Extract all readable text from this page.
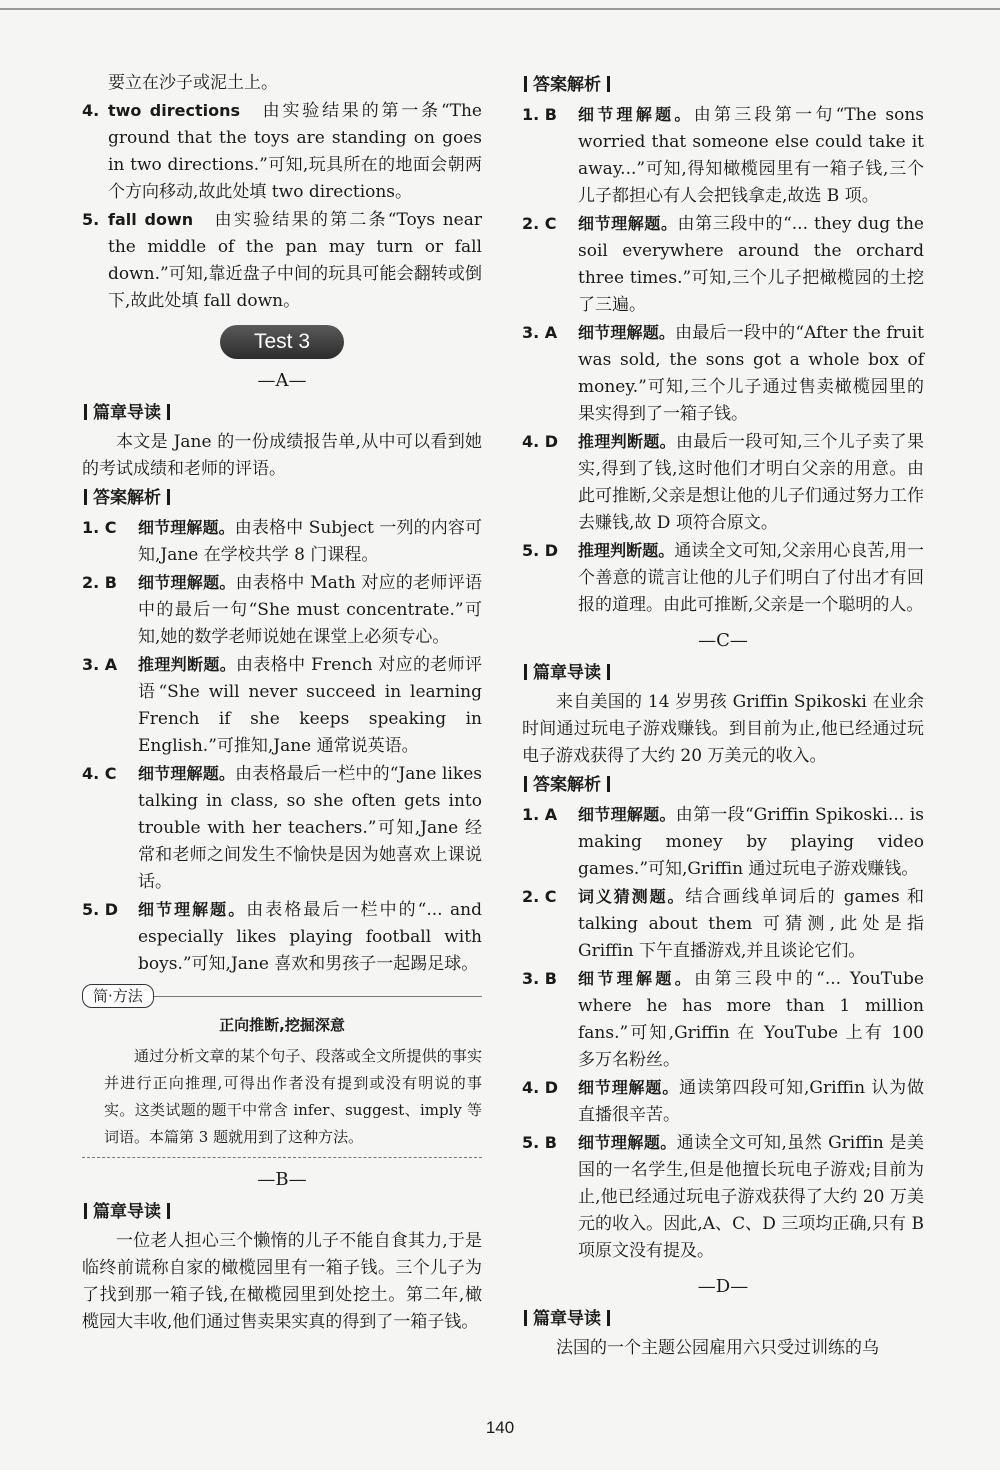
要立在沙子或泥土上。
4. two directions　 由实验结果的第一条“The ground that the toys are standing on goes in two directions.”可知,玩具所在的地面会朝两个方向移动,故此处填 two directions。
5. fall down　 由实验结果的第二条“Toys near the middle of the pan may turn or fall down.”可知,靠近盘子中间的玩具可能会翻转或倒下,故此处填 fall down。
Test 3
—A—
篇章导读

本文是 Jane 的一份成绩报告单,从中可以看到她的考试成绩和老师的评语。

答案解析
1. C	细节理解题。由表格中 Subject 一列的内容可知,Jane 在学校共学 8 门课程。
2. B	细节理解题。由表格中 Math 对应的老师评语中的最后一句“She must concentrate.”可知,她的数学老师说她在课堂上必须专心。
3. A	推理判断题。由表格中 French 对应的老师评语“She will never succeed in learning French if she keeps speaking in English.”可推知,Jane 通常说英语。
4. C	细节理解题。由表格最后一栏中的“Jane likes talking in class, so she often gets into trouble with her teachers.”可知,Jane 经常和老师之间发生不愉快是因为她喜欢上课说话。
5. D	细节理解题。由表格最后一栏中的“... and especially likes playing football with boys.”可知,Jane 喜欢和男孩子一起踢足球。
简·方法
正向推断,挖掘深意

通过分析文章的某个句子、段落或全文所提供的事实并进行正向推理,可得出作者没有提到或没有明说的事实。这类试题的题干中常含 infer、suggest、imply 等词语。本篇第 3 题就用到了这种方法。

—B—
篇章导读

一位老人担心三个懒惰的儿子不能自食其力,于是临终前谎称自家的橄榄园里有一箱子钱。三个儿子为了找到那一箱子钱,在橄榄园里到处挖土。第二年,橄榄园大丰收,他们通过售卖果实真的得到了一箱子钱。

答案解析
1. B	细节理解题。由第三段第一句“The sons worried that someone else could take it away...”可知,得知橄榄园里有一箱子钱,三个儿子都担心有人会把钱拿走,故选 B 项。
2. C	细节理解题。由第三段中的“... they dug the soil everywhere around the orchard three times.”可知,三个儿子把橄榄园的土挖了三遍。
3. A	细节理解题。由最后一段中的“After the fruit was sold, the sons got a whole box of money.”可知,三个儿子通过售卖橄榄园里的果实得到了一箱子钱。
4. D	推理判断题。由最后一段可知,三个儿子卖了果实,得到了钱,这时他们才明白父亲的用意。由此可推断,父亲是想让他的儿子们通过努力工作去赚钱,故 D 项符合原文。
5. D	推理判断题。通读全文可知,父亲用心良苦,用一个善意的谎言让他的儿子们明白了付出才有回报的道理。由此可推断,父亲是一个聪明的人。
—C—
篇章导读

来自美国的 14 岁男孩 Griffin Spikoski 在业余时间通过玩电子游戏赚钱。到目前为止,他已经通过玩电子游戏获得了大约 20 万美元的收入。

答案解析
1. A	细节理解题。由第一段“Griffin Spikoski... is making money by playing video games.”可知,Griffin 通过玩电子游戏赚钱。
2. C	词义猜测题。结合画线单词后的 games 和 talking about them 可猜测,此处是指 Griffin 下午直播游戏,并且谈论它们。
3. B	细节理解题。由第三段中的“... YouTube where he has more than 1 million fans.”可知,Griffin 在 YouTube 上有 100 多万名粉丝。
4. D	细节理解题。通读第四段可知,Griffin 认为做直播很辛苦。
5. B	细节理解题。通读全文可知,虽然 Griffin 是美国的一名学生,但是他擅长玩电子游戏;目前为止,他已经通过玩电子游戏获得了大约 20 万美元的收入。因此,A、C、D 三项均正确,只有 B 项原文没有提及。
—D—
篇章导读

法国的一个主题公园雇用六只受过训练的乌

140
